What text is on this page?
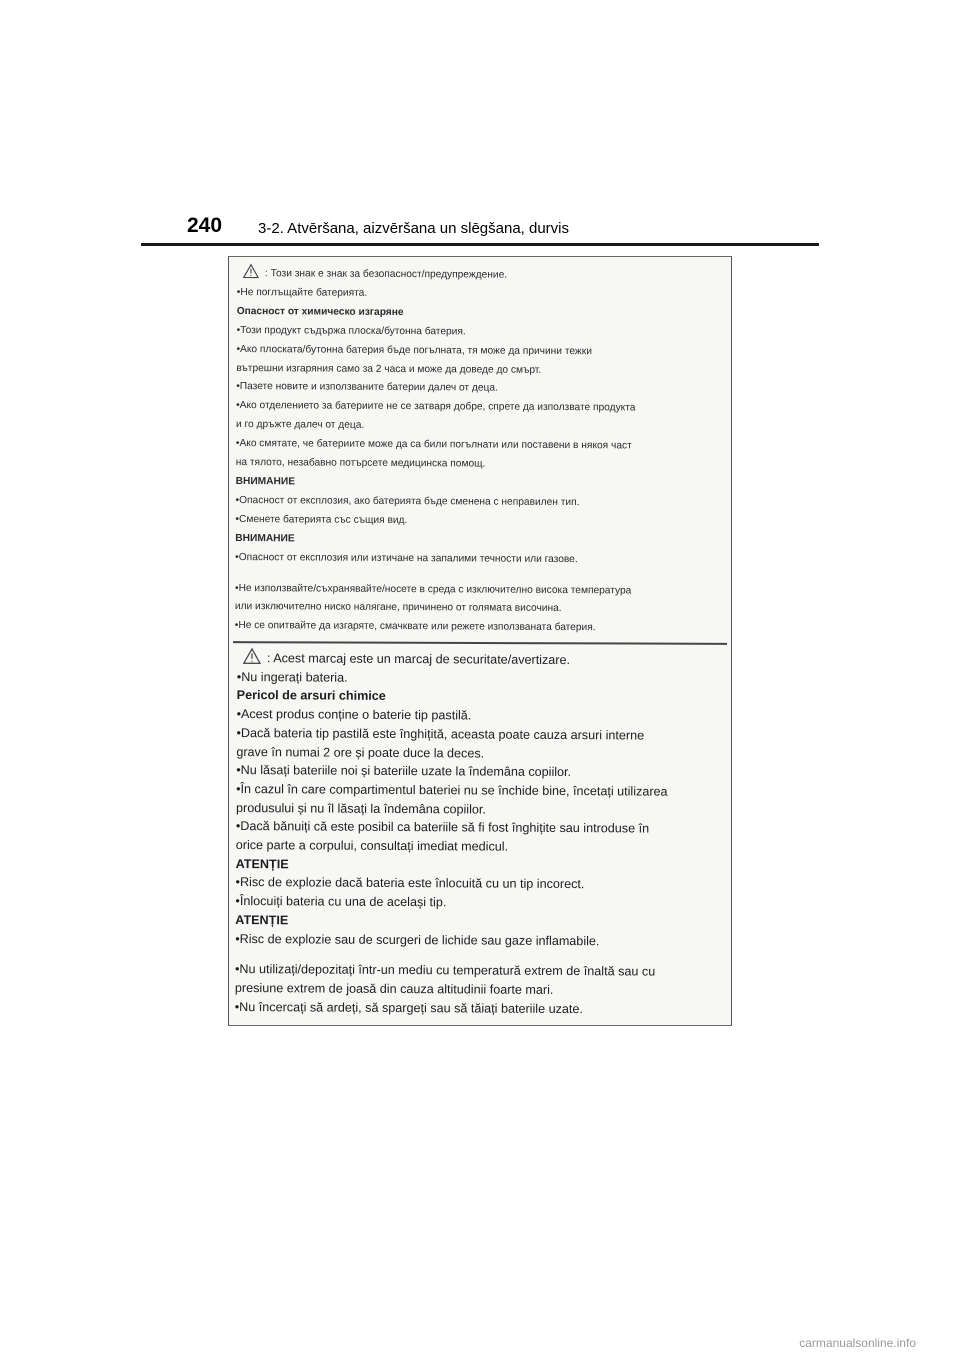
240 3-2. Atvēršana, aizvēršana un slēgšana, durvis
: Този знак е знак за безопасност/предупреждение.
•Не поглъщайте батерията.
Опасност от химическо изгаряне
•Този продукт съдържа плоска/бутонна батерия.
•Ако плоската/бутонна батерия бъде погълната, тя може да причини тежки
вътрешни изгаряния само за 2 часа и може да доведе до смърт.
•Пазете новите и използваните батерии далеч от деца.
•Ако отделението за батериите не се затваря добре, спрете да използвате продукта
и го дръжте далеч от деца.
•Ако смятате, че батериите може да са били погълнати или поставени в някоя част
на тялото, незабавно потърсете медицинска помощ.
ВНИМАНИЕ
•Опасност от експлозия, ако батерията бъде сменена с неправилен тип.
•Сменете батерията със същия вид.
ВНИМАНИЕ
•Опасност от експлозия или изтичане на запалими течности или газове.
•Не използвайте/съхранявайте/носете в среда с изключително висока температура
или изключително ниско налягане, причинено от голямата височина.
•Не се опитвайте да изгаряте, смачквате или режете използваната батерия.
: Acest marcaj este un marcaj de securitate/avertizare.
•Nu ingerați bateria.
Pericol de arsuri chimice
•Acest produs conține o baterie tip pastilă.
•Dacă bateria tip pastilă este înghițită, aceasta poate cauza arsuri interne
grave în numai 2 ore și poate duce la deces.
•Nu lăsați bateriile noi și bateriile uzate la îndemâna copiilor.
•În cazul în care compartimentul bateriei nu se închide bine, încetați utilizarea
produsului și nu îl lăsați la îndemâna copiilor.
•Dacă bănuiți că este posibil ca bateriile să fi fost înghițite sau introduse în
orice parte a corpului, consultați imediat medicul.
ATENȚIE
•Risc de explozie dacă bateria este înlocuită cu un tip incorect.
•Înlocuiți bateria cu una de același tip.
ATENȚIE
•Risc de explozie sau de scurgeri de lichide sau gaze inflamabile.
•Nu utilizați/depozitați într-un mediu cu temperatură extrem de înaltă sau cu
presiune extrem de joasă din cauza altitudinii foarte mari.
•Nu încercați să ardeți, să spargeți sau să tăiați bateriile uzate.
carmanualsonline.info
